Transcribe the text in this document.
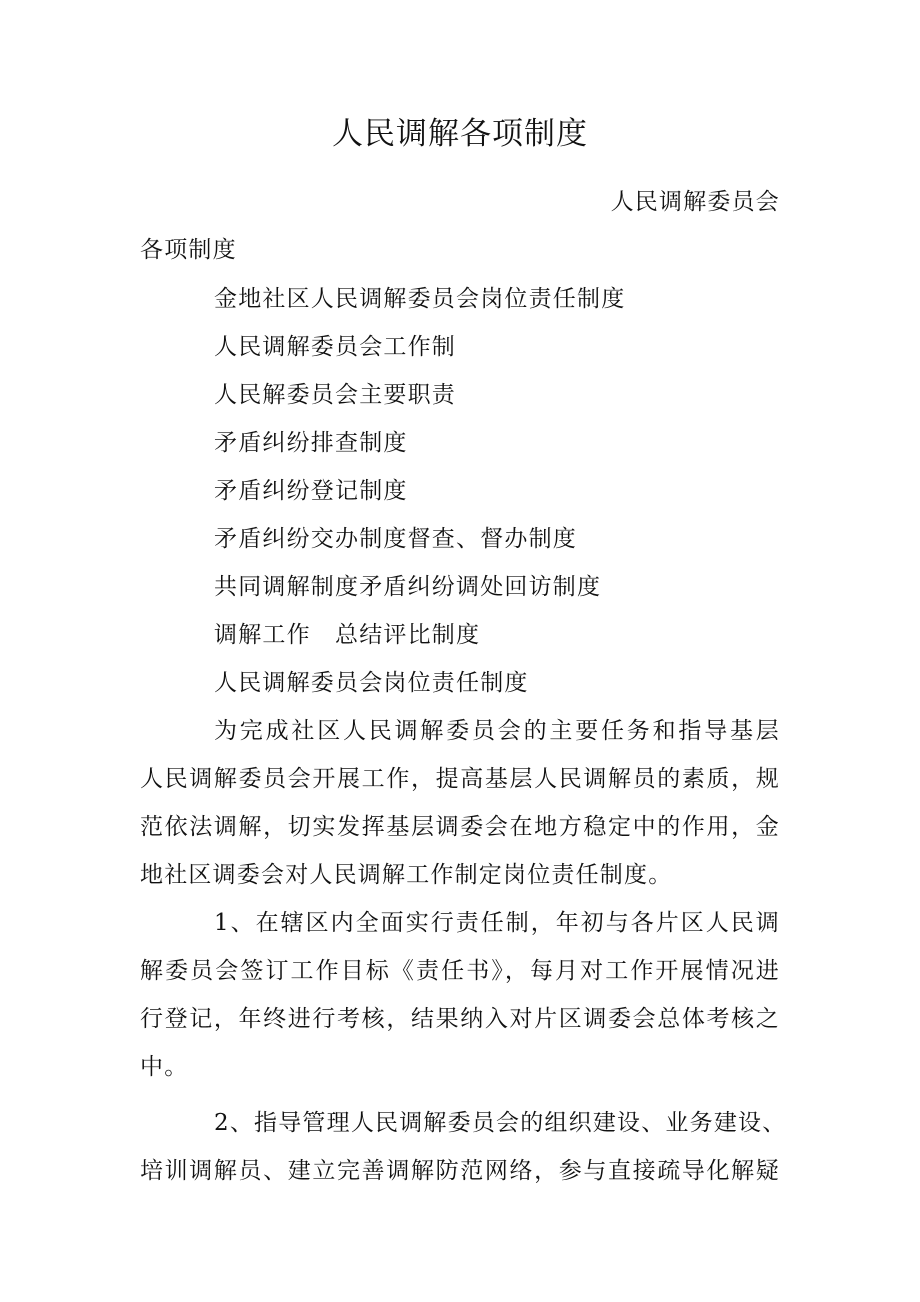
人民调解各项制度
人民调解委员会
各项制度
金地社区人民调解委员会岗位责任制度
人民调解委员会工作制
人民解委员会主要职责
矛盾纠纷排查制度
矛盾纠纷登记制度
矛盾纠纷交办制度督查、督办制度
共同调解制度矛盾纠纷调处回访制度
调解工作　总结评比制度
人民调解委员会岗位责任制度
为完成社区人民调解委员会的主要任务和指导基层
人民调解委员会开展工作，提高基层人民调解员的素质，规
范依法调解，切实发挥基层调委会在地方稳定中的作用，金
地社区调委会对人民调解工作制定岗位责任制度。
1、在辖区内全面实行责任制，年初与各片区人民调
解委员会签订工作目标《责任书》，每月对工作开展情况进
行登记，年终进行考核，结果纳入对片区调委会总体考核之
中。
2、指导管理人民调解委员会的组织建设、业务建设、
培训调解员、建立完善调解防范网络，参与直接疏导化解疑
